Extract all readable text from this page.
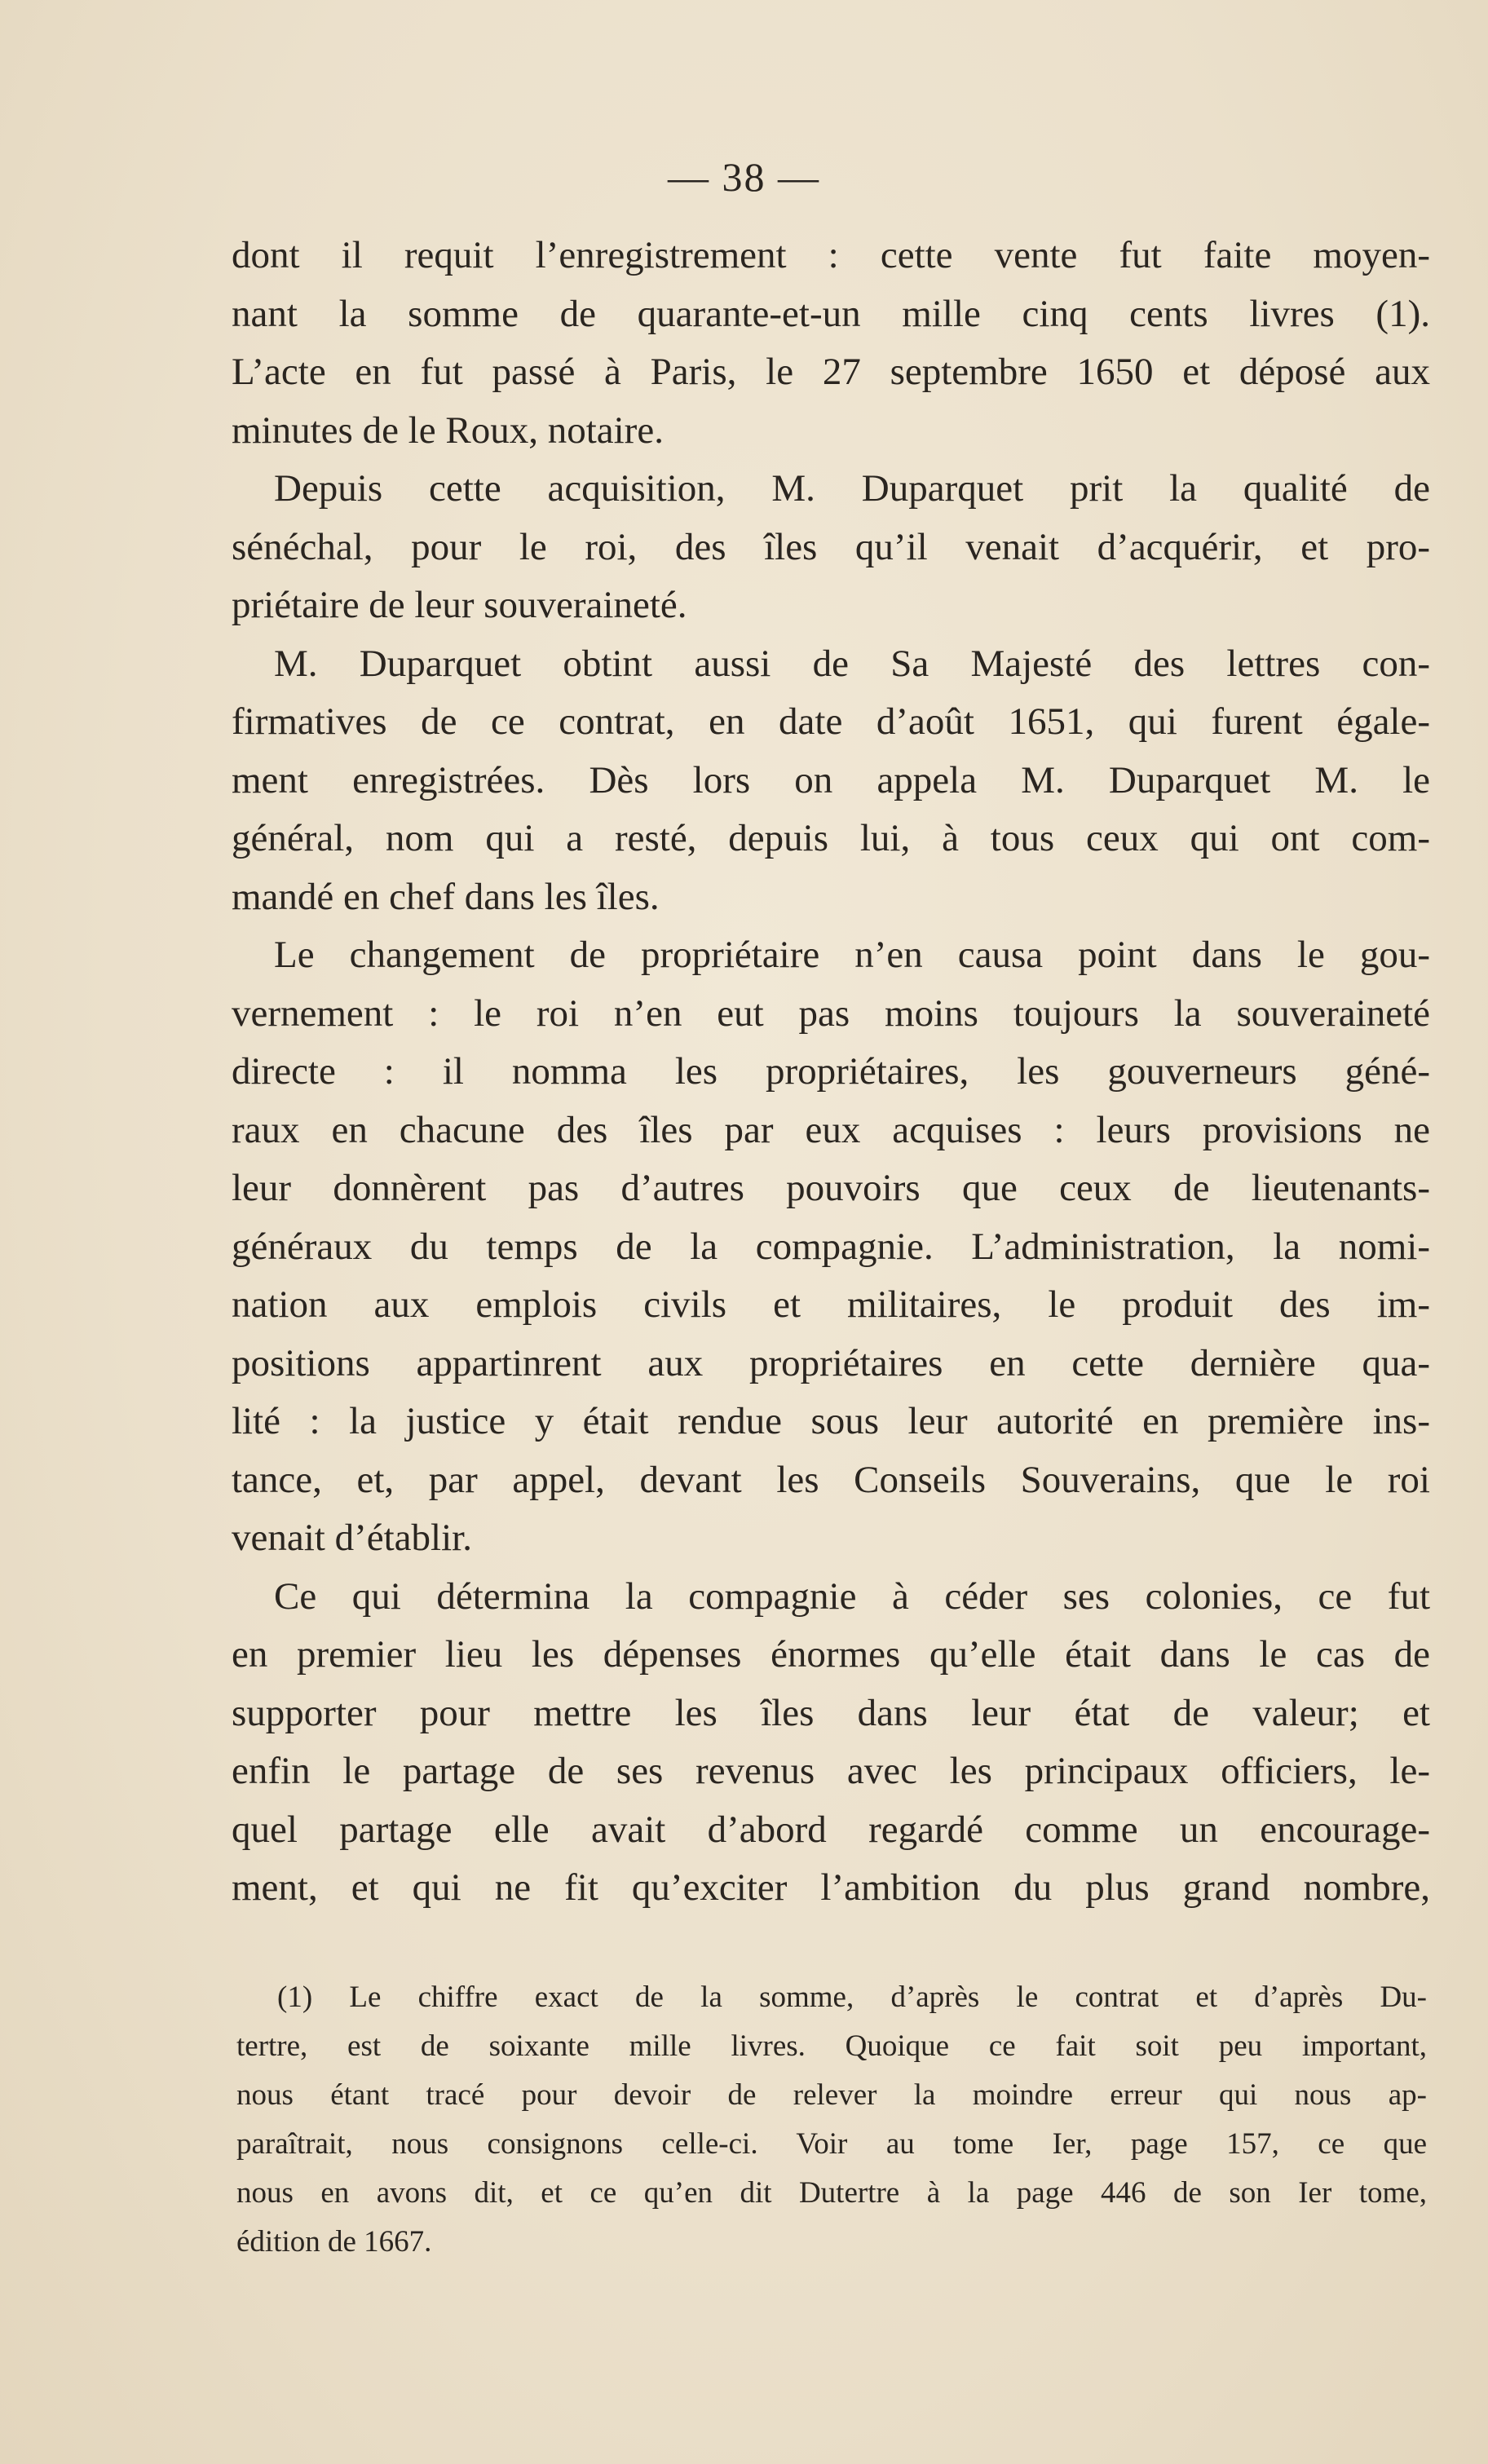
— 38 —
dont il requit l’enregistrement : cette vente fut faite moyen-
nant la somme de quarante-et-un mille cinq cents livres (1).
L’acte en fut passé à Paris, le 27 septembre 1650 et déposé aux
minutes de le Roux, notaire.
Depuis cette acquisition, M. Duparquet prit la qualité de
sénéchal, pour le roi, des îles qu’il venait d’acquérir, et pro-
priétaire de leur souveraineté.
M. Duparquet obtint aussi de Sa Majesté des lettres con-
firmatives de ce contrat, en date d’août 1651, qui furent égale-
ment enregistrées. Dès lors on appela M. Duparquet M. le
général, nom qui a resté, depuis lui, à tous ceux qui ont com-
mandé en chef dans les îles.
Le changement de propriétaire n’en causa point dans le gou-
vernement : le roi n’en eut pas moins toujours la souveraineté
directe : il nomma les propriétaires, les gouverneurs géné-
raux en chacune des îles par eux acquises : leurs provisions ne
leur donnèrent pas d’autres pouvoirs que ceux de lieutenants-
généraux du temps de la compagnie. L’administration, la nomi-
nation aux emplois civils et militaires, le produit des im-
positions appartinrent aux propriétaires en cette dernière qua-
lité : la justice y était rendue sous leur autorité en première ins-
tance, et, par appel, devant les Conseils Souverains, que le roi
venait d’établir.
Ce qui détermina la compagnie à céder ses colonies, ce fut
en premier lieu les dépenses énormes qu’elle était dans le cas de
supporter pour mettre les îles dans leur état de valeur; et
enfin le partage de ses revenus avec les principaux officiers, le-
quel partage elle avait d’abord regardé comme un encourage-
ment, et qui ne fit qu’exciter l’ambition du plus grand nombre,
(1) Le chiffre exact de la somme, d’après le contrat et d’après Du-
tertre, est de soixante mille livres. Quoique ce fait soit peu important,
nous étant tracé pour devoir de relever la moindre erreur qui nous ap-
paraîtrait, nous consignons celle-ci. Voir au tome Ier, page 157, ce que
nous en avons dit, et ce qu’en dit Dutertre à la page 446 de son Ier tome,
édition de 1667.
